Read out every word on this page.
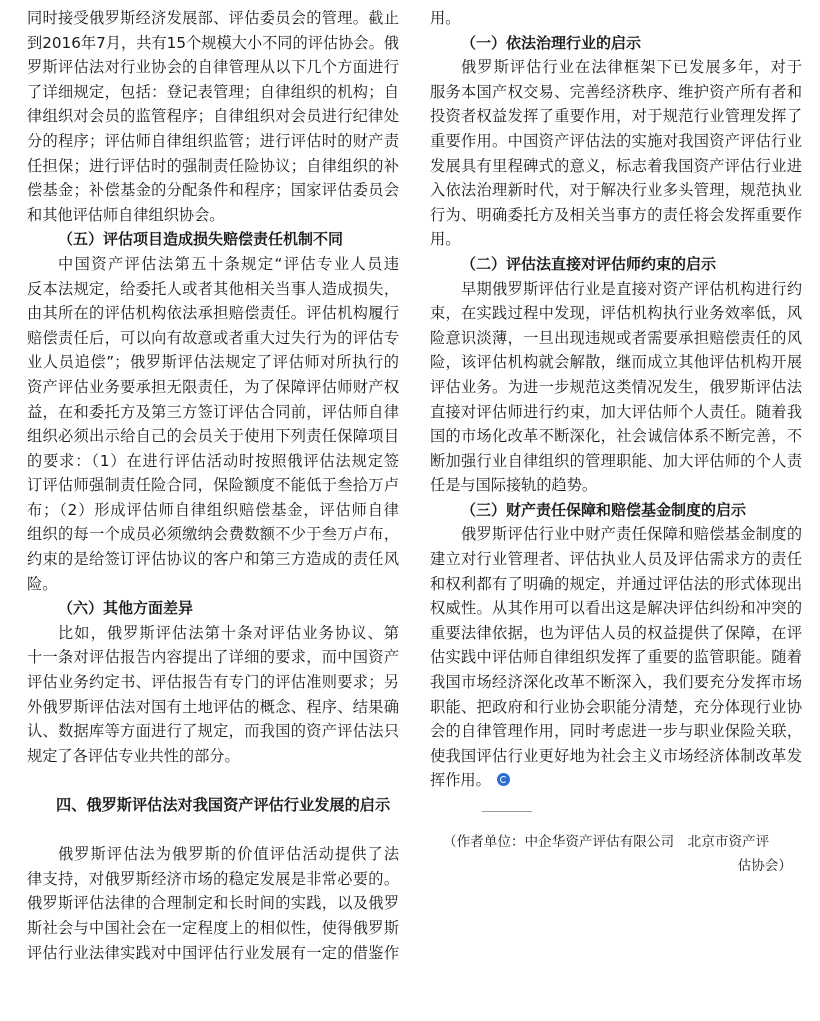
同时接受俄罗斯经济发展部、评估委员会的管理。截止
到2016年7月，共有15个规模大小不同的评估协会。俄
罗斯评估法对行业协会的自律管理从以下几个方面进行
了详细规定，包括：登记表管理；自律组织的机构；自
律组织对会员的监管程序；自律组织对会员进行纪律处
分的程序；评估师自律组织监管；进行评估时的财产责
任担保；进行评估时的强制责任险协议；自律组织的补
偿基金；补偿基金的分配条件和程序；国家评估委员会
和其他评估师自律组织协会。
（五）评估项目造成损失赔偿责任机制不同
中国资产评估法第五十条规定“评估专业人员违
反本法规定，给委托人或者其他相关当事人造成损失，
由其所在的评估机构依法承担赔偿责任。评估机构履行
赔偿责任后，可以向有故意或者重大过失行为的评估专
业人员追偿”；俄罗斯评估法规定了评估师对所执行的
资产评估业务要承担无限责任，为了保障评估师财产权
益，在和委托方及第三方签订评估合同前，评估师自律
组织必须出示给自己的会员关于使用下列责任保障项目
的要求：（1）在进行评估活动时按照俄评估法规定签
订评估师强制责任险合同，保险额度不能低于叁拾万卢
布；（2）形成评估师自律组织赔偿基金，评估师自律
组织的每一个成员必须缴纳会费数额不少于叁万卢布，
约束的是给签订评估协议的客户和第三方造成的责任风
险。
（六）其他方面差异
比如，俄罗斯评估法第十条对评估业务协议、第
十一条对评估报告内容提出了详细的要求，而中国资产
评估业务约定书、评估报告有专门的评估准则要求；另
外俄罗斯评估法对国有土地评估的概念、程序、结果确
认、数据库等方面进行了规定，而我国的资产评估法只
规定了各评估专业共性的部分。
四、俄罗斯评估法对我国资产评估行业发展的启示
俄罗斯评估法为俄罗斯的价值评估活动提供了法
律支持，对俄罗斯经济市场的稳定发展是非常必要的。
俄罗斯评估法律的合理制定和长时间的实践，以及俄罗
斯社会与中国社会在一定程度上的相似性，使得俄罗斯
评估行业法律实践对中国评估行业发展有一定的借鉴作
用。
（一）依法治理行业的启示
俄罗斯评估行业在法律框架下已发展多年，对于
服务本国产权交易、完善经济秩序、维护资产所有者和
投资者权益发挥了重要作用，对于规范行业管理发挥了
重要作用。中国资产评估法的实施对我国资产评估行业
发展具有里程碑式的意义，标志着我国资产评估行业进
入依法治理新时代，对于解决行业多头管理，规范执业
行为、明确委托方及相关当事方的责任将会发挥重要作
用。
（二）评估法直接对评估师约束的启示
早期俄罗斯评估行业是直接对资产评估机构进行约
束，在实践过程中发现，评估机构执行业务效率低，风
险意识淡薄，一旦出现违规或者需要承担赔偿责任的风
险，该评估机构就会解散，继而成立其他评估机构开展
评估业务。为进一步规范这类情况发生，俄罗斯评估法
直接对评估师进行约束，加大评估师个人责任。随着我
国的市场化改革不断深化，社会诚信体系不断完善，不
断加强行业自律组织的管理职能、加大评估师的个人责
任是与国际接轨的趋势。
（三）财产责任保障和赔偿基金制度的启示
俄罗斯评估行业中财产责任保障和赔偿基金制度的
建立对行业管理者、评估执业人员及评估需求方的责任
和权利都有了明确的规定，并通过评估法的形式体现出
权威性。从其作用可以看出这是解决评估纠纷和冲突的
重要法律依据，也为评估人员的权益提供了保障，在评
估实践中评估师自律组织发挥了重要的监管职能。随着
我国市场经济深化改革不断深入，我们要充分发挥市场
职能、把政府和行业协会职能分清楚，充分体现行业协
会的自律管理作用，同时考虑进一步与职业保险关联，
使我国评估行业更好地为社会主义市场经济体制改革发
挥作用。
（作者单位：中企华资产评估有限公司　北京市资产评
估协会）
